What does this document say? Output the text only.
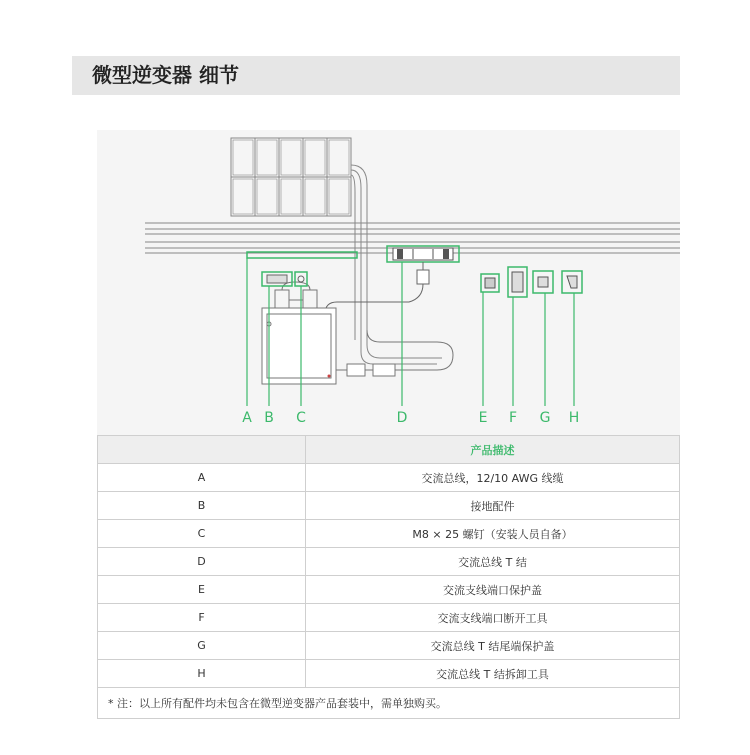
微型逆变器 细节
A B C	D	E F G H
	产品描述
A	交流总线，12/10 AWG 线缆
B	接地配件
C	M8 × 25 螺钉（安装人员自备）
D	交流总线 T 结
E	交流支线端口保护盖
F	交流支线端口断开工具
G	交流总线 T 结尾端保护盖
H	交流总线 T 结拆卸工具
* 注：以上所有配件均未包含在微型逆变器产品套装中，需单独购买。	
